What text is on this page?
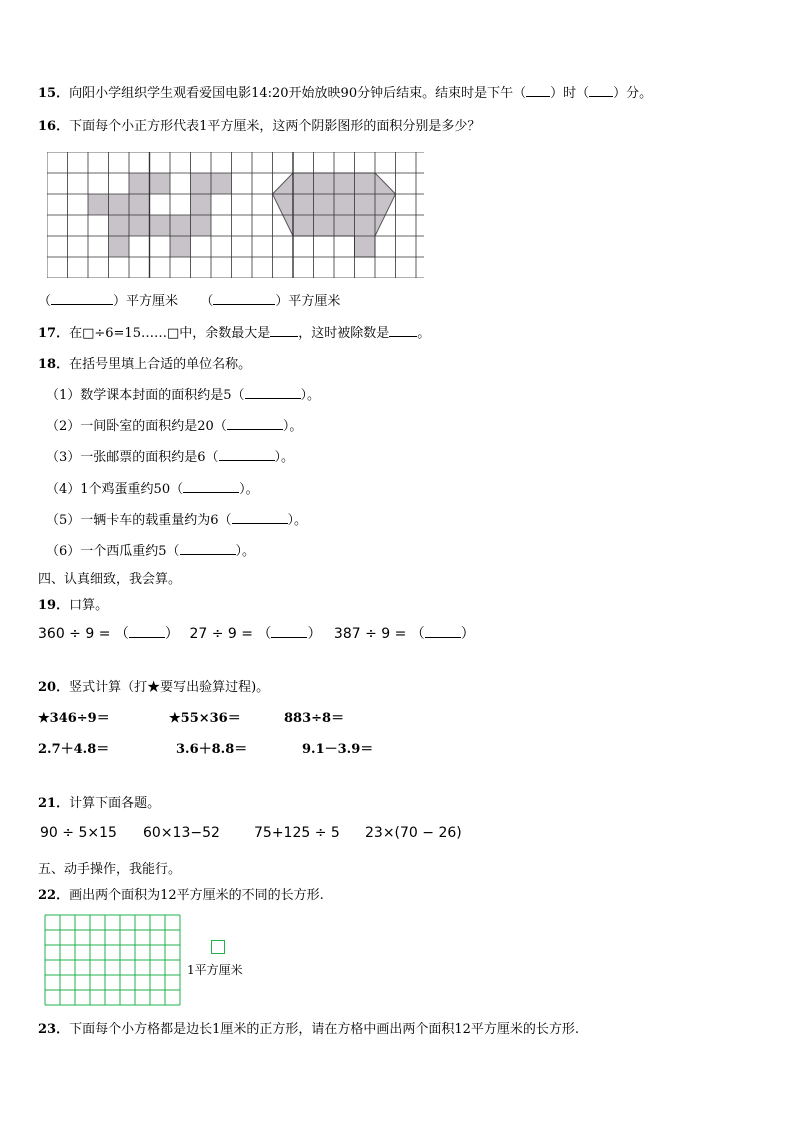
15．向阳小学组织学生观看爱国电影14:20开始放映90分钟后结束。结束时是下午（ ）时（ ）分。
16．下面每个小正方形代表1平方厘米，这两个阴影图形的面积分别是多少？
（	）平方厘米 （	）平方厘米
17．在□÷6=15……□中，余数最大是 ，这时被除数是 。
18．在括号里填上合适的单位名称。
（1）数学课本封面的面积约是5（	）。
（2）一间卧室的面积约是20（	）。
（3）一张邮票的面积约是6（	）。
（4）1个鸡蛋重约50（	）。
（5）一辆卡车的载重量约为6（	）。
（6）一个西瓜重约5（	）。
四、认真细致，我会算。
19．口算。
360 ÷ 9 = （	） 27 ÷ 9 = （	） 387 ÷ 9 = （	）
20．竖式计算（打★要写出验算过程)。
★346÷9＝	★55×36＝	883÷8＝
2.7＋4.8＝	3.6＋8.8＝	9.1－3.9＝
21．计算下面各题。
90 ÷ 5×15 60×13−52 75+125 ÷ 5 23×(70 − 26)
五、动手操作，我能行。
22．画出两个面积为12平方厘米的不同的长方形.
1平方厘米
23．下面每个小方格都是边长1厘米的正方形，请在方格中画出两个面积12平方厘米的长方形.
